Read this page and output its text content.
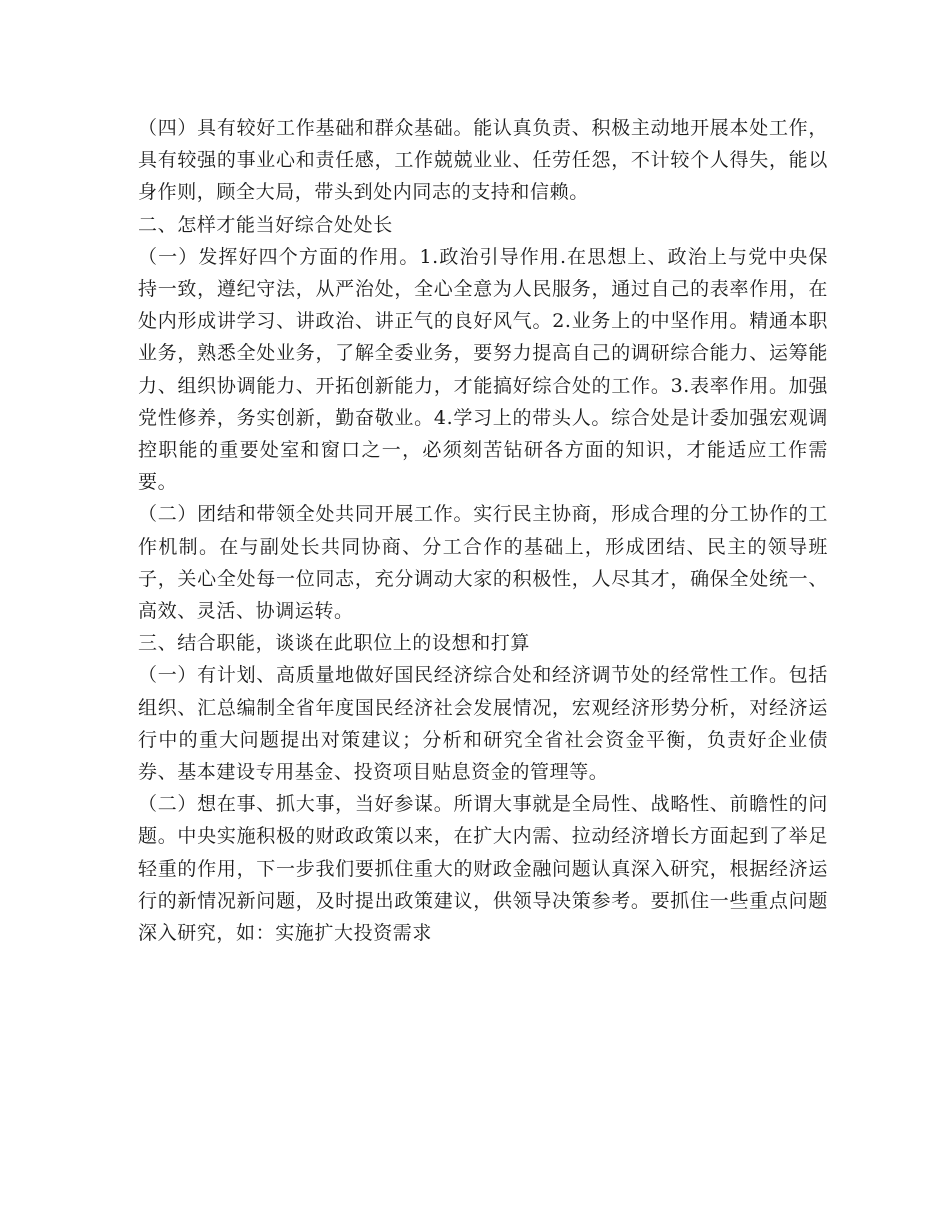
（四）具有较好工作基础和群众基础。能认真负责、积极主动地开展本处工作，具有较强的事业心和责任感，工作兢兢业业、任劳任怨，不计较个人得失，能以身作则，顾全大局，带头到处内同志的支持和信赖。

二、怎样才能当好综合处处长

（一）发挥好四个方面的作用。1.政治引导作用.在思想上、政治上与党中央保持一致，遵纪守法，从严治处，全心全意为人民服务，通过自己的表率作用，在处内形成讲学习、讲政治、讲正气的良好风气。2.业务上的中坚作用。精通本职业务，熟悉全处业务，了解全委业务，要努力提高自己的调研综合能力、运筹能力、组织协调能力、开拓创新能力，才能搞好综合处的工作。3.表率作用。加强党性修养，务实创新，勤奋敬业。4.学习上的带头人。综合处是计委加强宏观调控职能的重要处室和窗口之一，必须刻苦钻研各方面的知识，才能适应工作需要。

（二）团结和带领全处共同开展工作。实行民主协商，形成合理的分工协作的工作机制。在与副处长共同协商、分工合作的基础上，形成团结、民主的领导班子，关心全处每一位同志，充分调动大家的积极性，人尽其才，确保全处统一、高效、灵活、协调运转。

三、结合职能，谈谈在此职位上的设想和打算

（一）有计划、高质量地做好国民经济综合处和经济调节处的经常性工作。包括组织、汇总编制全省年度国民经济社会发展情况，宏观经济形势分析，对经济运行中的重大问题提出对策建议；分析和研究全省社会资金平衡，负责好企业债券、基本建设专用基金、投资项目贴息资金的管理等。

（二）想在事、抓大事，当好参谋。所谓大事就是全局性、战略性、前瞻性的问题。中央实施积极的财政政策以来，在扩大内需、拉动经济增长方面起到了举足轻重的作用，下一步我们要抓住重大的财政金融问题认真深入研究，根据经济运行的新情况新问题，及时提出政策建议，供领导决策参考。要抓住一些重点问题深入研究，如：实施扩大投资需求
